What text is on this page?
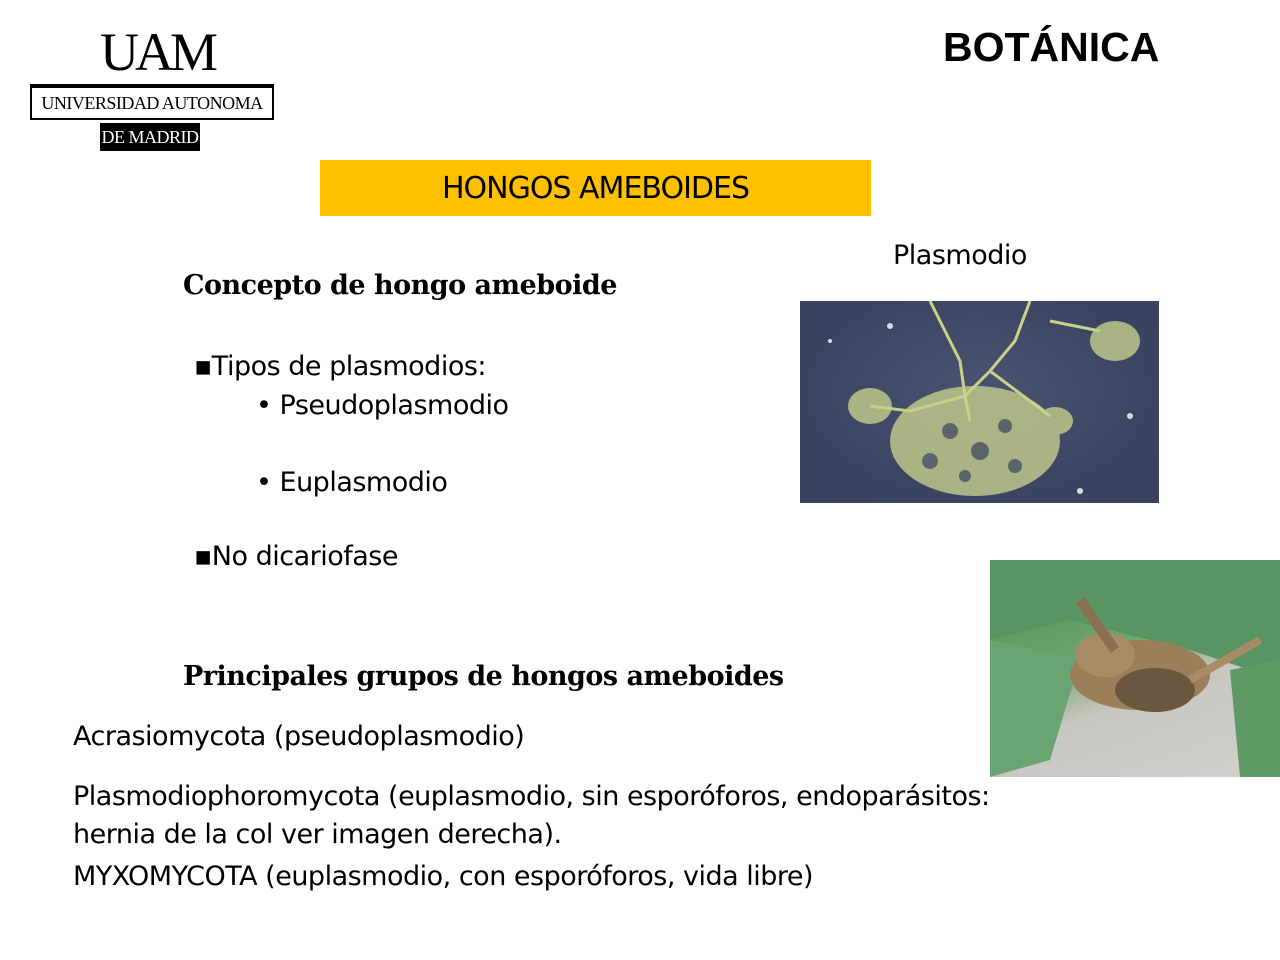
UAM
UNIVERSIDAD AUTONOMA
DE MADRID
BOTÁNICA
HONGOS AMEBOIDES
Plasmodio
Concepto de hongo ameboide
▪Tipos de plasmodios:
• Pseudoplasmodio
• Euplasmodio
▪No dicariofase
Principales grupos de hongos ameboides
Acrasiomycota (pseudoplasmodio)
Plasmodiophoromycota (euplasmodio, sin esporóforos, endoparásitos:
hernia de la col ver imagen derecha).
MYXOMYCOTA (euplasmodio, con esporóforos, vida libre)
